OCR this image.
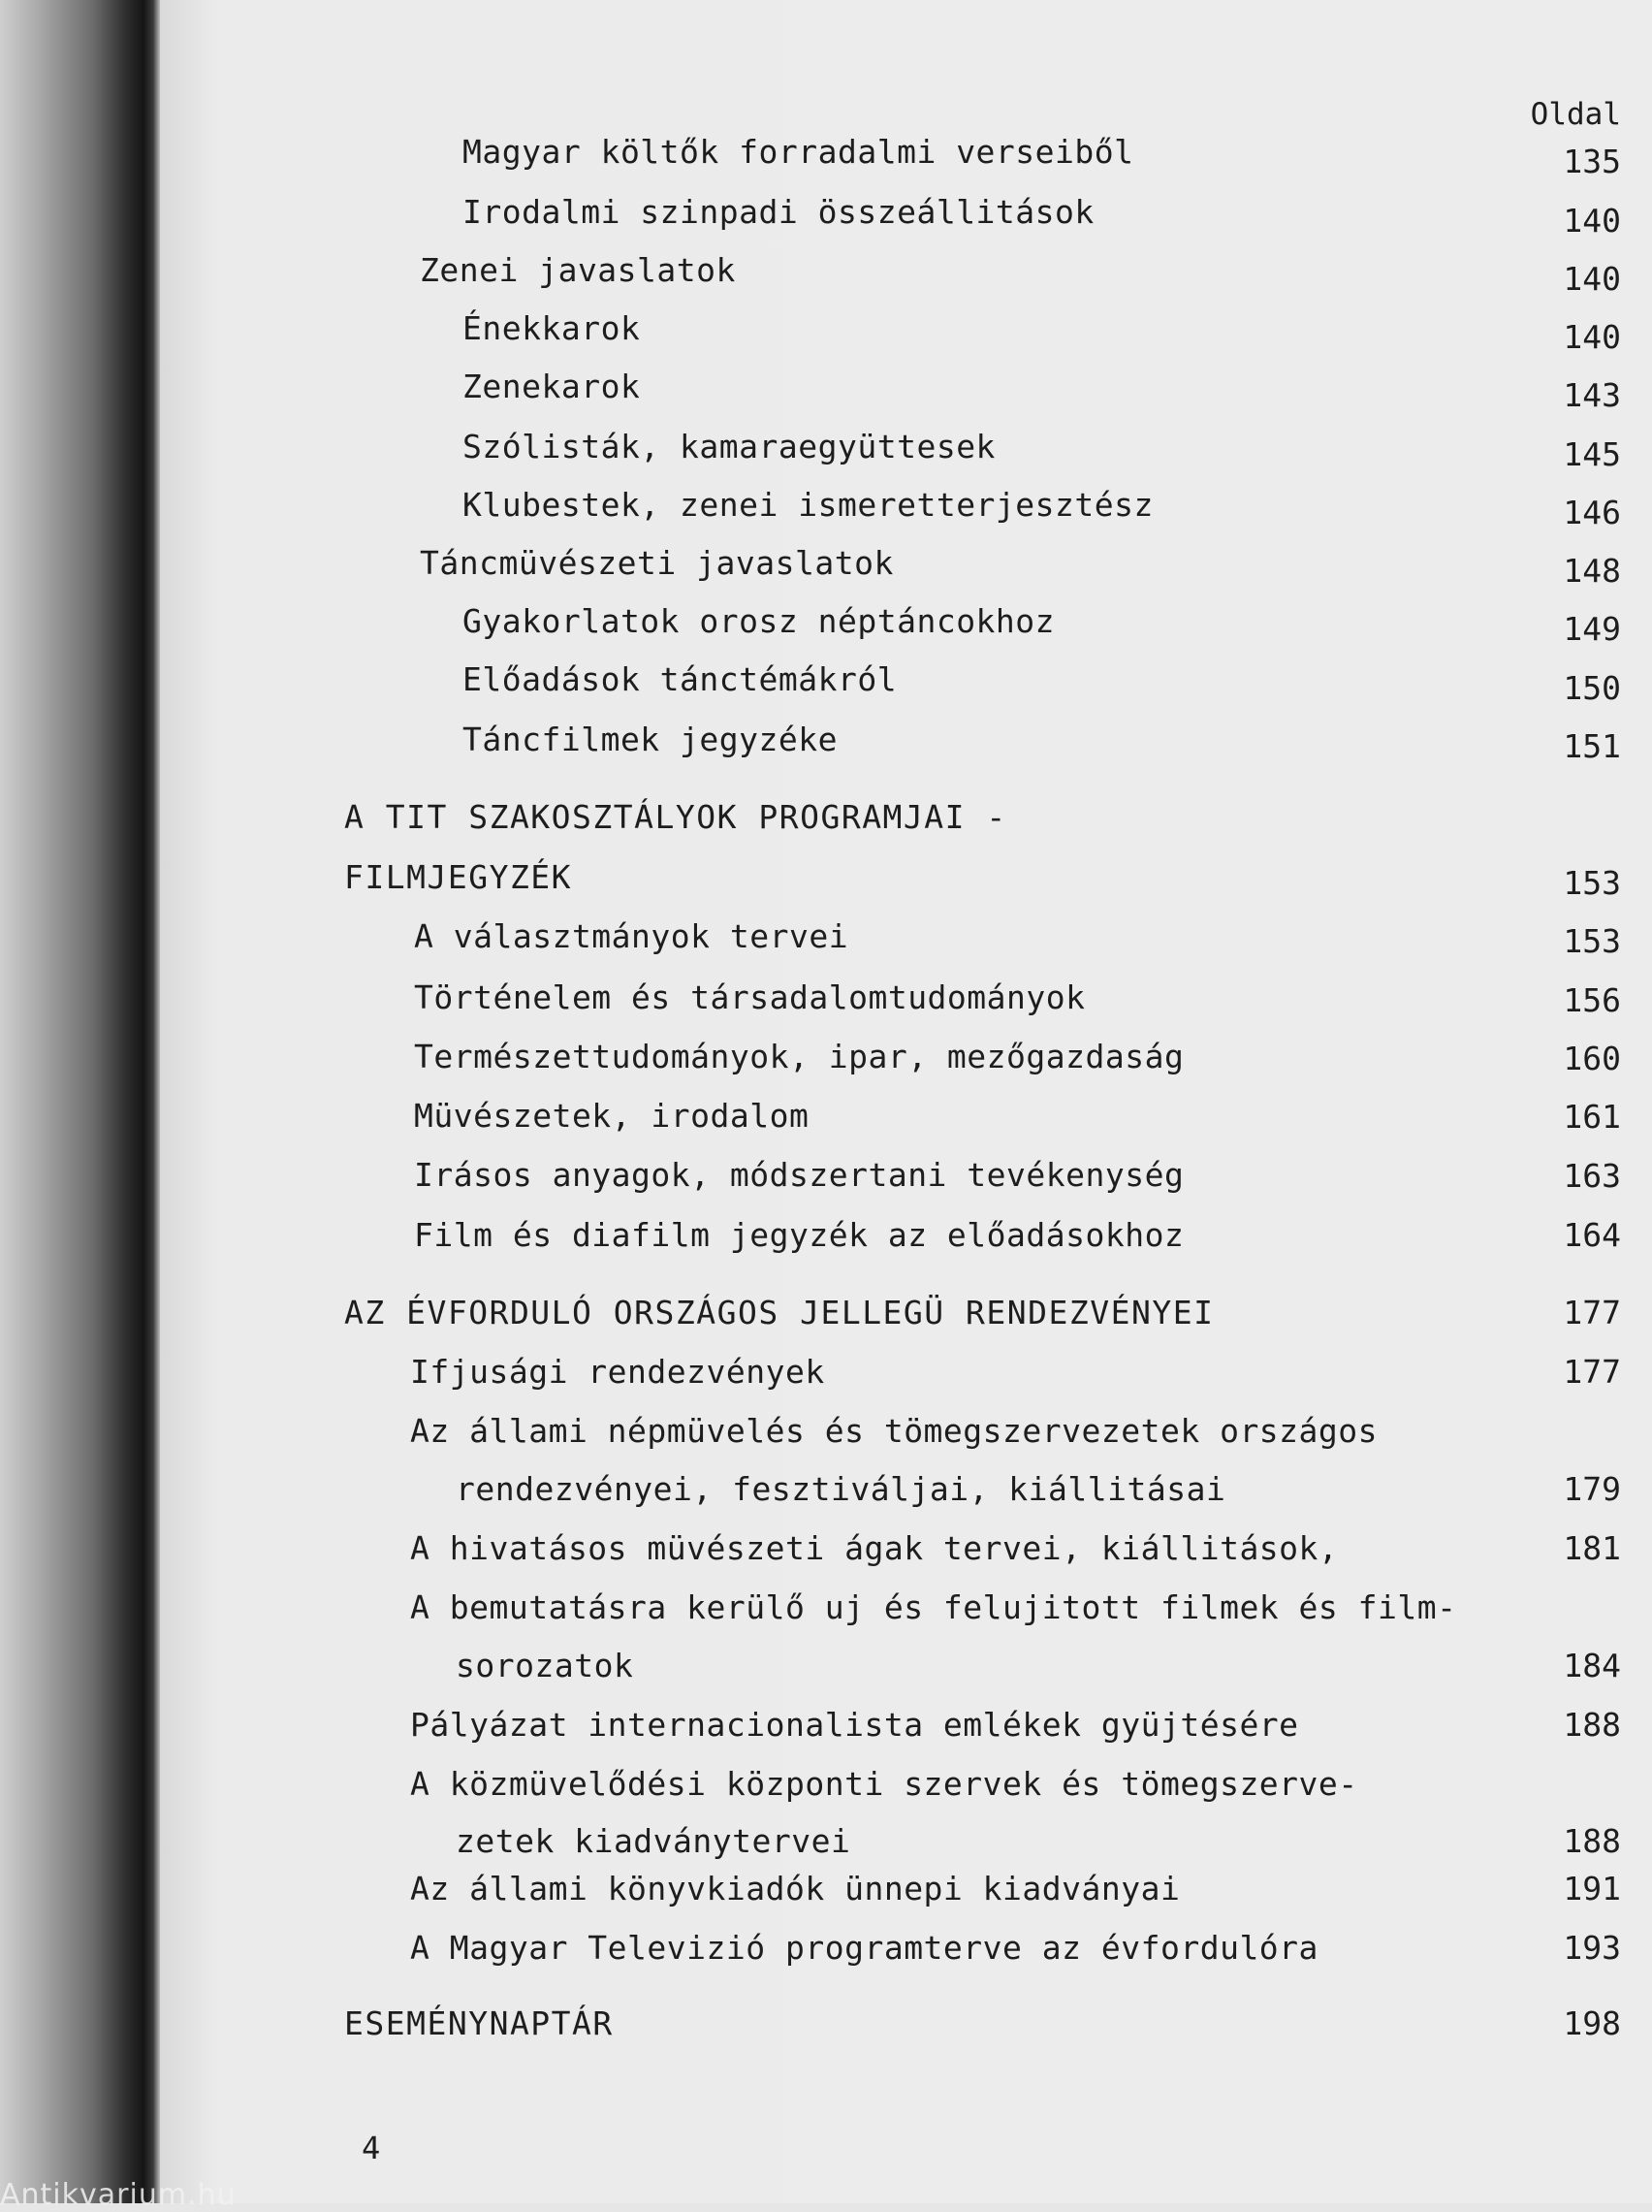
Oldal
Magyar költők forradalmi verseiből	135
Irodalmi szinpadi összeállitások	140
Zenei javaslatok	140
Énekkarok	140
Zenekarok	143
Szólisták, kamaraegyüttesek	145
Klubestek, zenei ismeretterjesztész	146
Táncmüvészeti javaslatok	148
Gyakorlatok orosz néptáncokhoz	149
Előadások tánctémákról	150
Táncfilmek jegyzéke	151
A TIT SZAKOSZTÁLYOK PROGRAMJAI -
FILMJEGYZÉK	153
A választmányok tervei	153
Történelem és társadalomtudományok	156
Természettudományok, ipar, mezőgazdaság	160
Müvészetek, irodalom	161
Irásos anyagok, módszertani tevékenység	163
Film és diafilm jegyzék az előadásokhoz	164
AZ ÉVFORDULÓ ORSZÁGOS JELLEGÜ RENDEZVÉNYEI	177
Ifjusági rendezvények	177
Az állami népmüvelés és tömegszervezetek országos
rendezvényei, fesztiváljai, kiállitásai	179
A hivatásos müvészeti ágak tervei, kiállitások,	181
A bemutatásra kerülő uj és felujitott filmek és film-
sorozatok	184
Pályázat internacionalista emlékek gyüjtésére	188
A közmüvelődési központi szervek és tömegszerve-
zetek kiadványtervei	188
Az állami könyvkiadók ünnepi kiadványai	191
A Magyar Televizió programterve az évfordulóra	193
ESEMÉNYNAPTÁR	198
4
Antikvarium.hu
